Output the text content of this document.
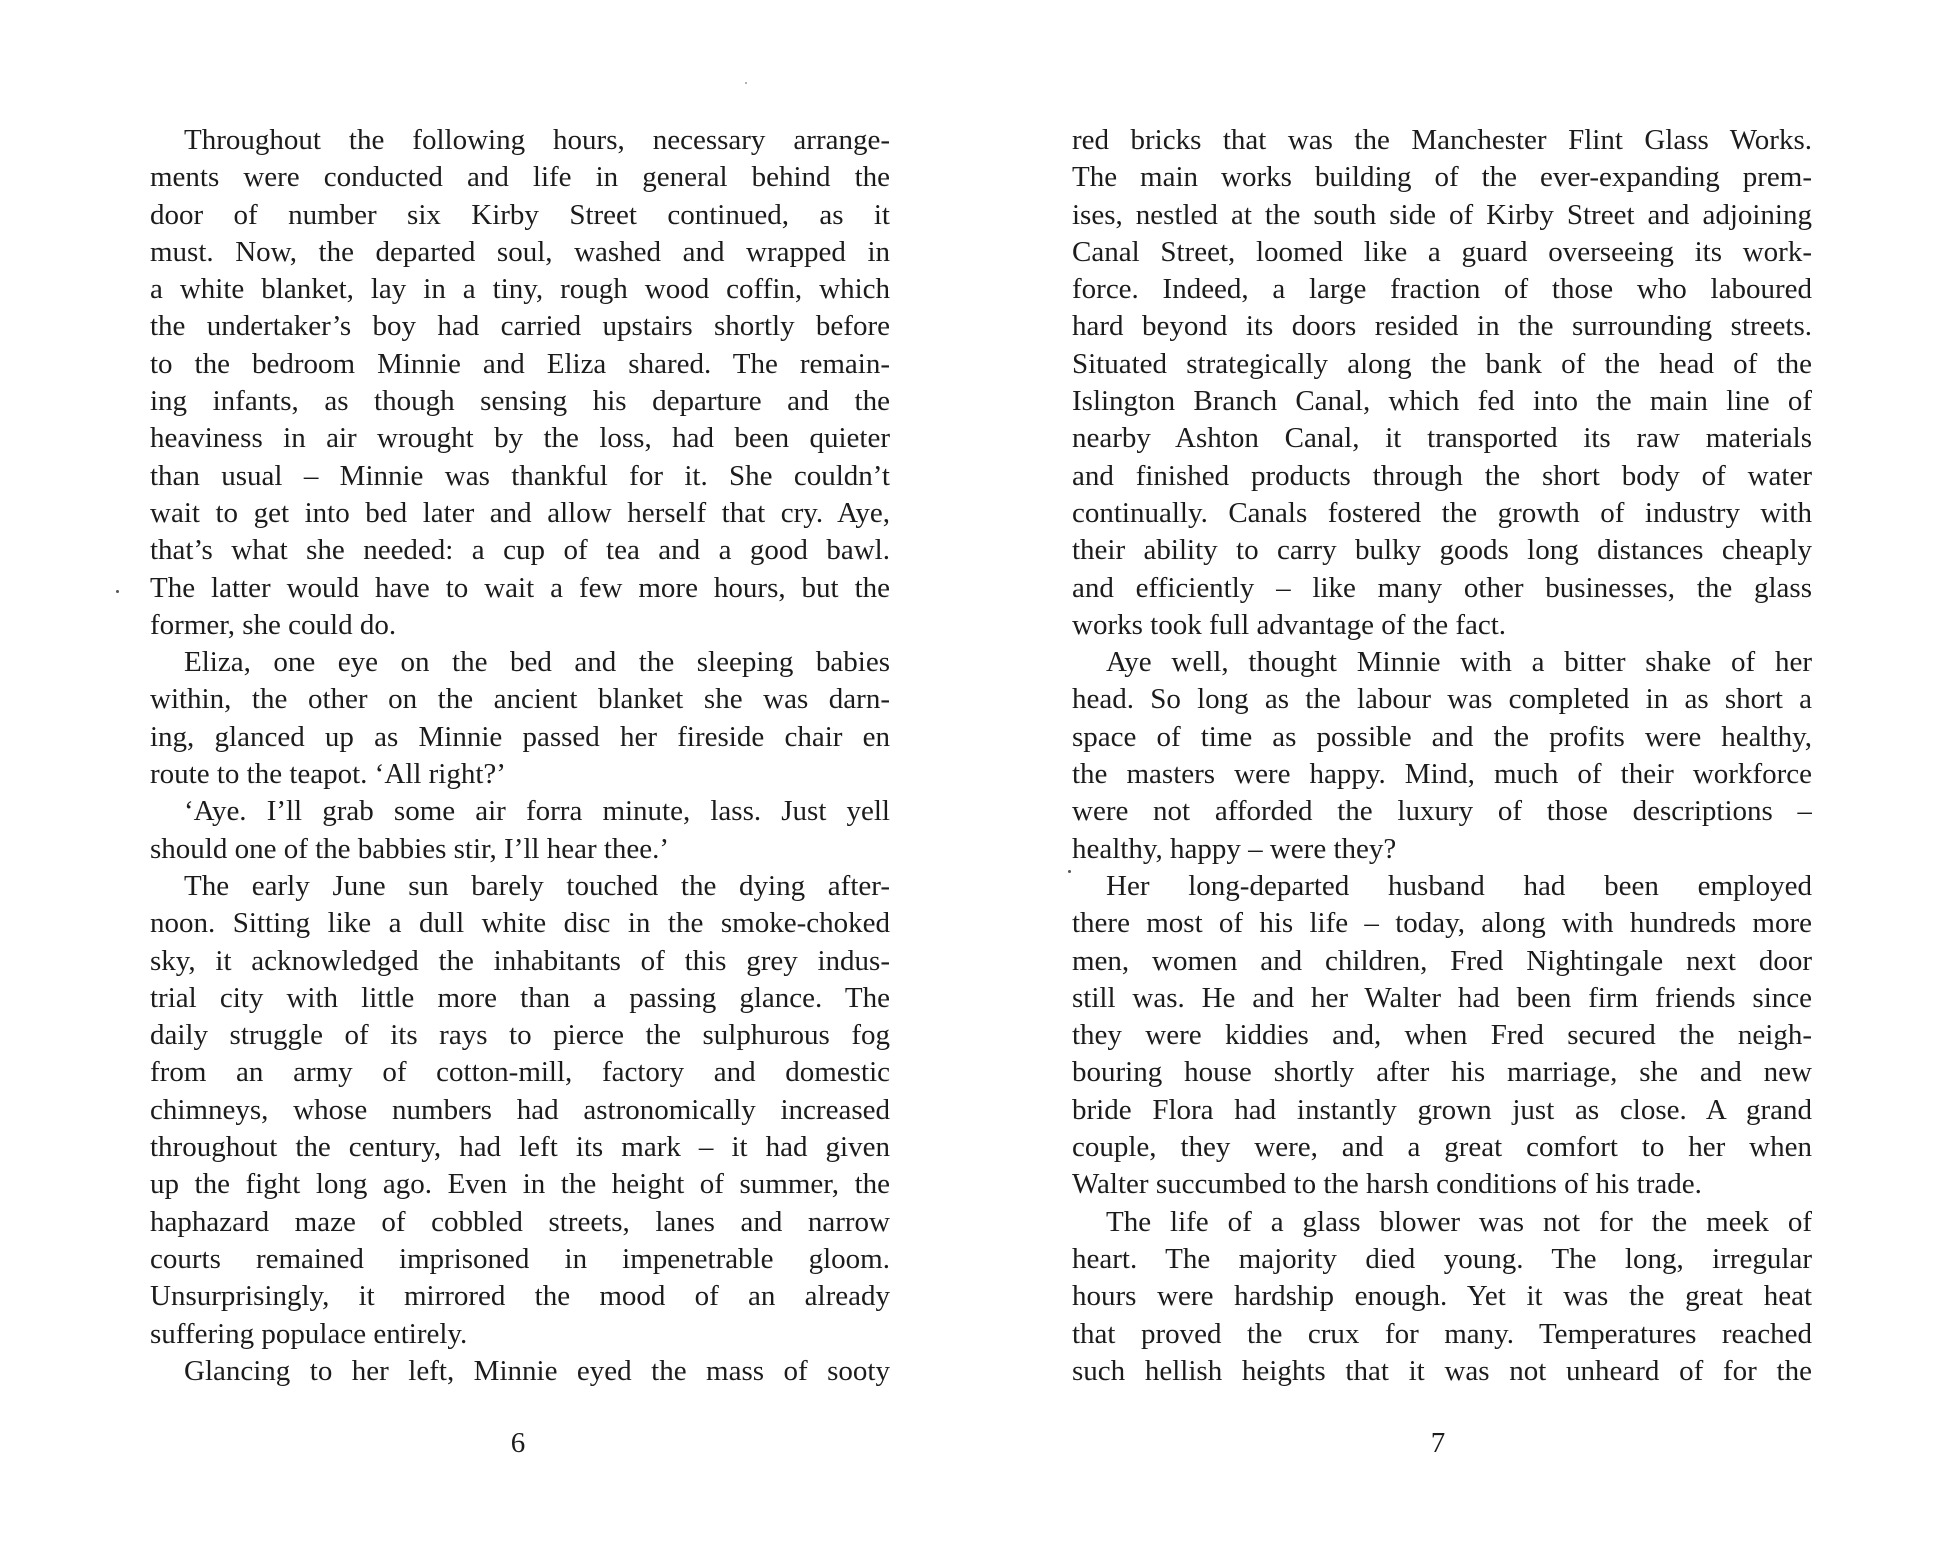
Throughout the following hours, necessary arrange-
ments were conducted and life in general behind the
door of number six Kirby Street continued, as it
must. Now, the departed soul, washed and wrapped in
a white blanket, lay in a tiny, rough wood coffin, which
the undertaker’s boy had carried upstairs shortly before
to the bedroom Minnie and Eliza shared. The remain-
ing infants, as though sensing his departure and the
heaviness in air wrought by the loss, had been quieter
than usual – Minnie was thankful for it. She couldn’t
wait to get into bed later and allow herself that cry. Aye,
that’s what she needed: a cup of tea and a good bawl.
The latter would have to wait a few more hours, but the
former, she could do.
Eliza, one eye on the bed and the sleeping babies
within, the other on the ancient blanket she was darn-
ing, glanced up as Minnie passed her fireside chair en
route to the teapot. ‘All right?’
‘Aye. I’ll grab some air forra minute, lass. Just yell
should one of the babbies stir, I’ll hear thee.’
The early June sun barely touched the dying after-
noon. Sitting like a dull white disc in the smoke-choked
sky, it acknowledged the inhabitants of this grey indus-
trial city with little more than a passing glance. The
daily struggle of its rays to pierce the sulphurous fog
from an army of cotton-mill, factory and domestic
chimneys, whose numbers had astronomically increased
throughout the century, had left its mark – it had given
up the fight long ago. Even in the height of summer, the
haphazard maze of cobbled streets, lanes and narrow
courts remained imprisoned in impenetrable gloom.
Unsurprisingly, it mirrored the mood of an already
suffering populace entirely.
Glancing to her left, Minnie eyed the mass of sooty
red bricks that was the Manchester Flint Glass Works.
The main works building of the ever-expanding prem-
ises, nestled at the south side of Kirby Street and adjoining
Canal Street, loomed like a guard overseeing its work-
force. Indeed, a large fraction of those who laboured
hard beyond its doors resided in the surrounding streets.
Situated strategically along the bank of the head of the
Islington Branch Canal, which fed into the main line of
nearby Ashton Canal, it transported its raw materials
and finished products through the short body of water
continually. Canals fostered the growth of industry with
their ability to carry bulky goods long distances cheaply
and efficiently – like many other businesses, the glass
works took full advantage of the fact.
Aye well, thought Minnie with a bitter shake of her
head. So long as the labour was completed in as short a
space of time as possible and the profits were healthy,
the masters were happy. Mind, much of their workforce
were not afforded the luxury of those descriptions –
healthy, happy – were they?
Her long-departed husband had been employed
there most of his life – today, along with hundreds more
men, women and children, Fred Nightingale next door
still was. He and her Walter had been firm friends since
they were kiddies and, when Fred secured the neigh-
bouring house shortly after his marriage, she and new
bride Flora had instantly grown just as close. A grand
couple, they were, and a great comfort to her when
Walter succumbed to the harsh conditions of his trade.
The life of a glass blower was not for the meek of
heart. The majority died young. The long, irregular
hours were hardship enough. Yet it was the great heat
that proved the crux for many. Temperatures reached
such hellish heights that it was not unheard of for the
6	7
